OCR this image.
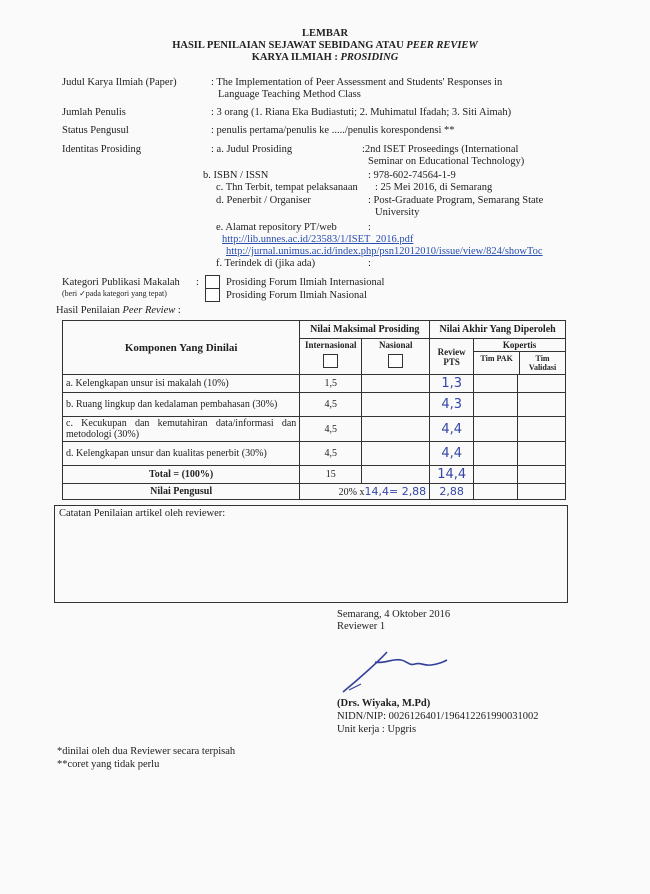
LEMBAR
HASIL PENILAIAN SEJAWAT SEBIDANG ATAU PEER REVIEW
KARYA ILMIAH : PROSIDING
Judul Karya Ilmiah (Paper)	: The Implementation of Peer Assessment and Students' Responses in
Language Teaching Method Class
Jumlah Penulis	: 3 orang (1. Riana Eka Budiastuti; 2. Muhimatul Ifadah; 3. Siti Aimah)
Status Pengusul	: penulis pertama/penulis ke ...../penulis korespondensi **
Identitas Prosiding	: a. Judul Prosiding	:2nd ISET Proseedings (International
Seminar on Educational Technology)
b. ISBN / ISSN	: 978-602-74564-1-9
c. Thn Terbit, tempat pelaksanaan : 25 Mei 2016, di Semarang
d. Penerbit / Organiser	: Post-Graduate Program, Semarang State
University
e. Alamat repository PT/web	:
http://lib.unnes.ac.id/23583/1/ISET_2016.pdf
http://jurnal.unimus.ac.id/index.php/psn12012010/issue/view/824/showToc
f. Terindek di (jika ada)	:
Kategori Publikasi Makalah :
(beri ✓pada kategori yang tepat)
Prosiding Forum Ilmiah Internasional
Prosiding Forum Ilmiah Nasional
Hasil Penilaian Peer Review :
Komponen Yang Dinilai	Nilai Maksimal Prosiding		Nilai Akhir Yang Diperoleh		

	Internasional	Nasional	Review PTS	Kopertis
Tim PAK Tim Validasi	

a. Kelengkapan unsur isi makalah (10%)	1,5		1,3		
b. Ruang lingkup dan kedalaman pembahasan (30%)	4,5		4,3		
c. Kecukupan dan kemutahiran data/informasi dan metodologi (30%)	4,5		4,4		
d. Kelengkapan unsur dan kualitas penerbit (30%)	4,5		4,4		
Total = (100%)	15		14,4		
Nilai Pengusul	20% x14,4= 2,88		2,88		
Catatan Penilaian artikel oleh reviewer:
Semarang, 4 Oktober 2016
Reviewer 1
(Drs. Wiyaka, M.Pd)
NIDN/NIP: 0026126401/196412261990031002
Unit kerja : Upgris
*dinilai oleh dua Reviewer secara terpisah
**coret yang tidak perlu
